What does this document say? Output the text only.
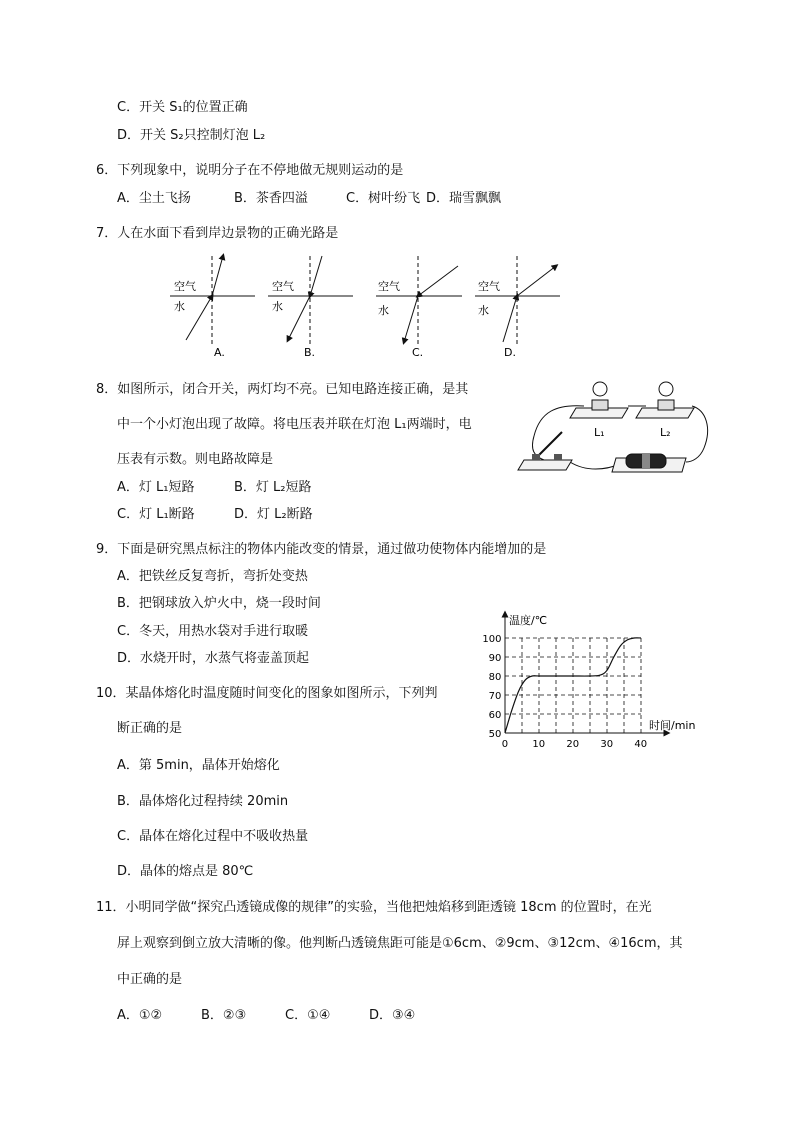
C．开关 S₁的位置正确
D．开关 S₂只控制灯泡 L₂
6．下列现象中，说明分子在不停地做无规则运动的是
A．尘土飞扬	B．茶香四溢	C．树叶纷飞 D．瑞雪飘飘
7．人在水面下看到岸边景物的正确光路是
空气
水
A.
空气
水
B.
空气
水
C.
空气
水
D.
8．如图所示，闭合开关，两灯均不亮。已知电路连接正确，是其
中一个小灯泡出现了故障。将电压表并联在灯泡 L₁两端时，电
压表有示数。则电路故障是
A．灯 L₁短路	B．灯 L₂短路
C．灯 L₁断路	D．灯 L₂断路
L₁	L₂
9．下面是研究黑点标注的物体内能改变的情景，通过做功使物体内能增加的是
A．把铁丝反复弯折，弯折处变热
B．把钢球放入炉火中，烧一段时间
C．冬天，用热水袋对手进行取暖
D．水烧开时，水蒸气将壶盖顶起
10．某晶体熔化时温度随时间变化的图象如图所示，下列判
断正确的是
A．第 5min，晶体开始熔化
B．晶体熔化过程持续 20min
C．晶体在熔化过程中不吸收热量
D．晶体的熔点是 80℃
0 10 20 30 40
50
60
70
80
90
100
温度/℃
时间/min
11．小明同学做“探究凸透镜成像的规律”的实验，当他把烛焰移到距透镜 18cm 的位置时，在光
屏上观察到倒立放大清晰的像。他判断凸透镜焦距可能是①6cm、②9cm、③12cm、④16cm，其
中正确的是
A．①②	B．②③	C．①④	D．③④
